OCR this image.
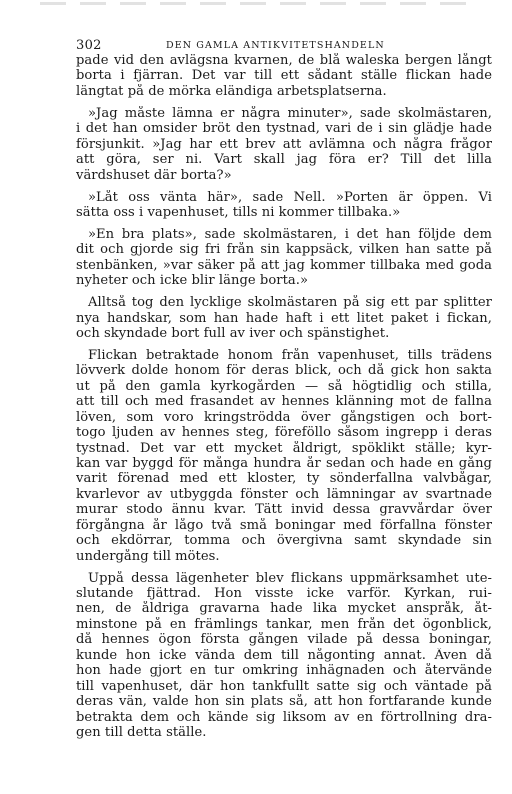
302	DEN GAMLA ANTIKVITETSHANDELN
pade vid den avlägsna kvarnen, de blå waleska bergen långt
borta i fjärran. Det var till ett sådant ställe flickan hade
längtat på de mörka eländiga arbetsplatserna.
»Jag måste lämna er några minuter», sade skolmästaren,
i det han omsider bröt den tystnad, vari de i sin glädje hade
försjunkit. »Jag har ett brev att avlämna och några frågor
att göra, ser ni. Vart skall jag föra er? Till det lilla
värdshuset där borta?»
»Låt oss vänta här», sade Nell. »Porten är öppen. Vi
sätta oss i vapenhuset, tills ni kommer tillbaka.»
»En bra plats», sade skolmästaren, i det han följde dem
dit och gjorde sig fri från sin kappsäck, vilken han satte på
stenbänken, »var säker på att jag kommer tillbaka med goda
nyheter och icke blir länge borta.»
Alltså tog den lycklige skolmästaren på sig ett par splitter
nya handskar, som han hade haft i ett litet paket i fickan,
och skyndade bort full av iver och spänstighet.
Flickan betraktade honom från vapenhuset, tills trädens
lövverk dolde honom för deras blick, och då gick hon sakta
ut på den gamla kyrkogården — så högtidlig och stilla,
att till och med frasandet av hennes klänning mot de fallna
löven, som voro kringströdda över gångstigen och bort-
togo ljuden av hennes steg, föreföllo såsom ingrepp i deras
tystnad. Det var ett mycket åldrigt, spöklikt ställe; kyr-
kan var byggd för många hundra år sedan och hade en gång
varit förenad med ett kloster, ty sönderfallna valvbågar,
kvarlevor av utbyggda fönster och lämningar av svartnade
murar stodo ännu kvar. Tätt invid dessa gravvårdar över
förgångna år lågo två små boningar med förfallna fönster
och ekdörrar, tomma och övergivna samt skyndade sin
undergång till mötes.
Uppå dessa lägenheter blev flickans uppmärksamhet ute-
slutande fjättrad. Hon visste icke varför. Kyrkan, rui-
nen, de åldriga gravarna hade lika mycket anspråk, åt-
minstone på en främlings tankar, men från det ögonblick,
då hennes ögon första gången vilade på dessa boningar,
kunde hon icke vända dem till någonting annat. Även då
hon hade gjort en tur omkring inhägnaden och återvände
till vapenhuset, där hon tankfullt satte sig och väntade på
deras vän, valde hon sin plats så, att hon fortfarande kunde
betrakta dem och kände sig liksom av en förtrollning dra-
gen till detta ställe.
